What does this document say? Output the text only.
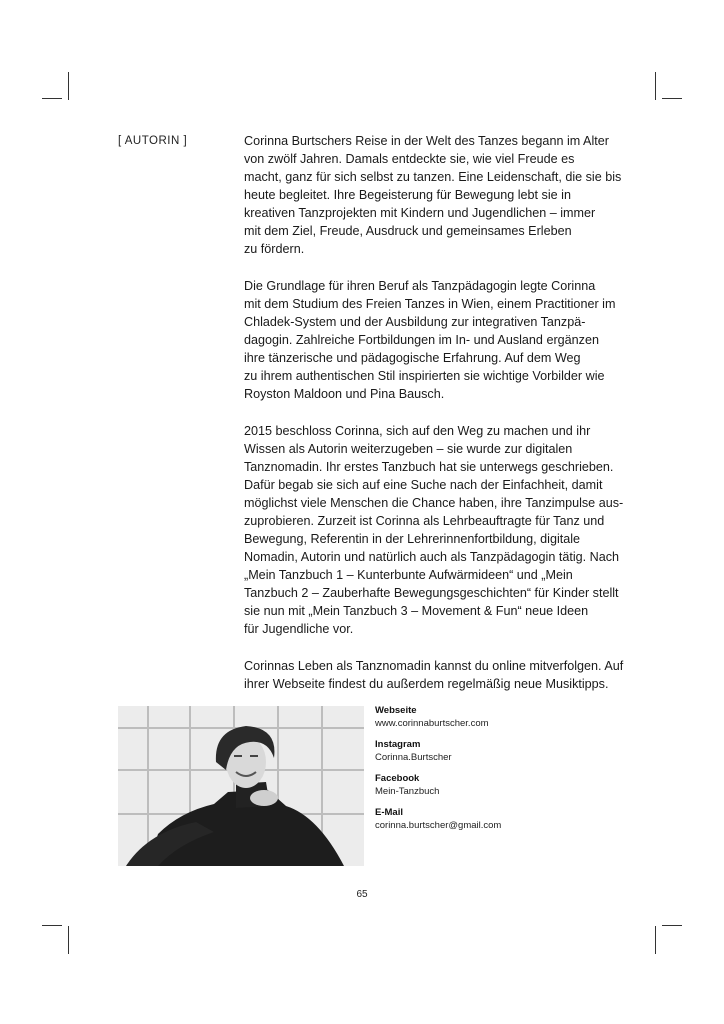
[ AUTORIN ]	Corinna Burtschers Reise in der Welt des Tanzes begann im Alter
von zwölf Jahren. Damals entdeckte sie, wie viel Freude es
macht, ganz für sich selbst zu tanzen. Eine Leidenschaft, die sie bis
heute begleitet. Ihre Begeisterung für Bewegung lebt sie in
kreativen Tanzprojekten mit Kindern und Jugendlichen – immer
mit dem Ziel, Freude, Ausdruck und gemeinsames Erleben
zu fördern.

Die Grundlage für ihren Beruf als Tanzpädagogin legte Corinna
mit dem Studium des Freien Tanzes in Wien, einem Practitioner im
Chladek-System und der Ausbildung zur integrativen Tanzpä-
dagogin. Zahlreiche Fortbildungen im In- und Ausland ergänzen
ihre tänzerische und pädagogische Erfahrung. Auf dem Weg
zu ihrem authentischen Stil inspirierten sie wichtige Vorbilder wie
Royston Maldoon und Pina Bausch.

2015 beschloss Corinna, sich auf den Weg zu machen und ihr
Wissen als Autorin weiterzugeben – sie wurde zur digitalen
Tanznomadin. Ihr erstes Tanzbuch hat sie unterwegs geschrieben.
Dafür begab sie sich auf eine Suche nach der Einfachheit, damit
möglichst viele Menschen die Chance haben, ihre Tanzimpulse aus-
zuprobieren. Zurzeit ist Corinna als Lehrbeauftragte für Tanz und
Bewegung, Referentin in der Lehrerinnenfortbildung, digitale
Nomadin, Autorin und natürlich auch als Tanzpädagogin tätig. Nach
„Mein Tanzbuch 1 – Kunterbunte Aufwärmideen“ und „Mein
Tanzbuch 2 – Zauberhafte Bewegungsgeschichten“ für Kinder stellt
sie nun mit „Mein Tanzbuch 3 – Movement & Fun“ neue Ideen
für Jugendliche vor.

Corinnas Leben als Tanznomadin kannst du online mitverfolgen. Auf
ihrer Webseite findest du außerdem regelmäßig neue Musiktipps.

Webseite
www.corinnaburtscher.com
Instagram
Corinna.Burtscher
Facebook
Mein-Tanzbuch
E-Mail
corinna.burtscher@gmail.com
65
